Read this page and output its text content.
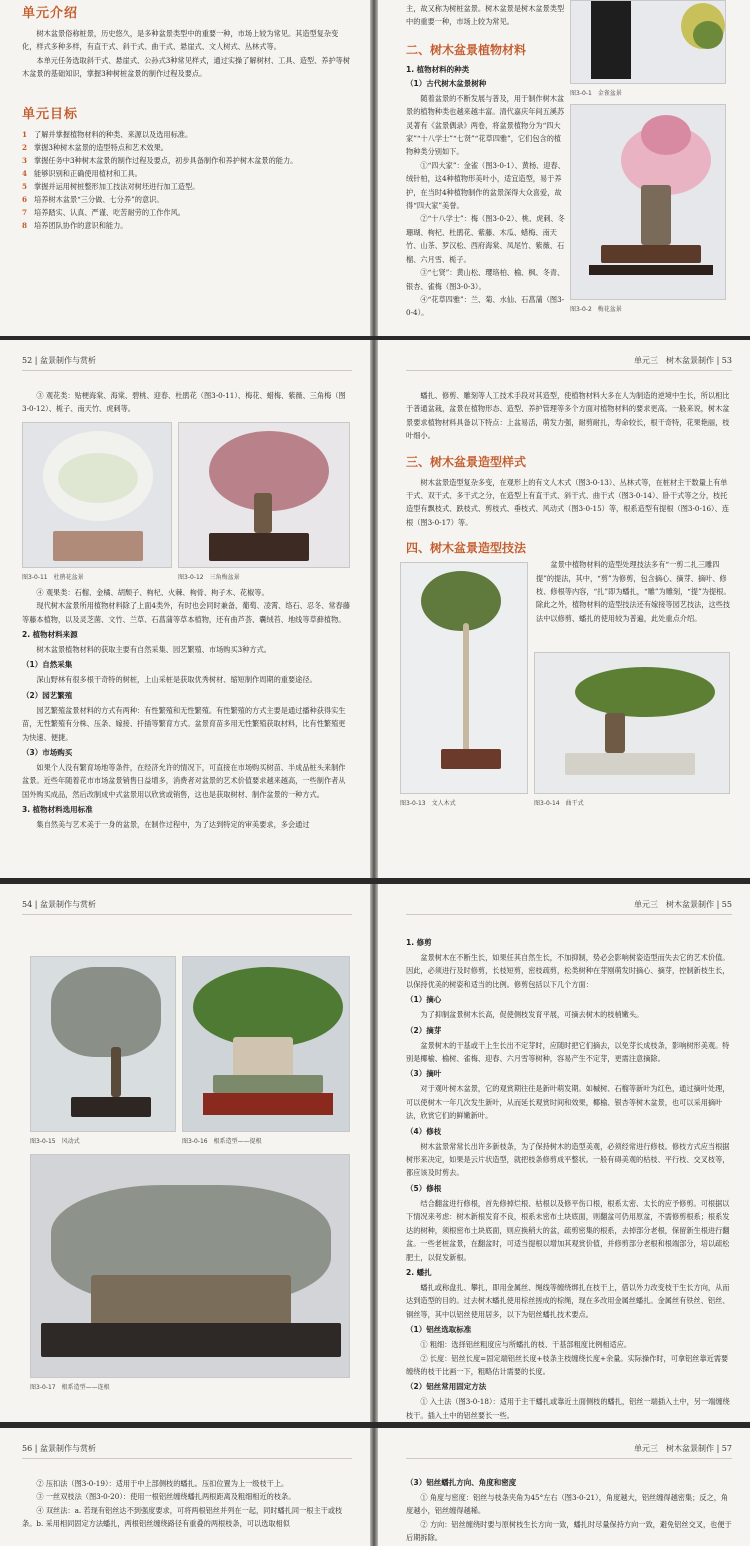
单元介绍

树木盆景俗称桩景，历史悠久，是多种盆景类型中的重要一种，市场上较为常见。其造型复杂变化，样式多种多样，有直干式、斜干式、曲干式、悬崖式、文人树式、丛林式等。

本单元任务选取斜干式、悬崖式、公孙式3种常见样式，通过实操了解树材、工具、造型、养护等树木盆景的基础知识，掌握3种树桩盆景的制作过程及要点。

单元目标
1 了解并掌握植物材料的种类、来源以及选用标准。
2 掌握3种树木盆景的造型特点和艺术效果。
3 掌握任务中3种树木盆景的制作过程及要点，初步具备制作和养护树木盆景的能力。
4 能够识别和正确使用植材和工具。
5 掌握并运用树桩整形加工技法对树坯进行加工造型。
6 培养树木盆景“三分做、七分养”的意识。
7 培养踏实、认真、严谨、吃苦耐劳的工作作风。
8 培养团队协作的意识和能力。

主，故又称为树桩盆景。树木盆景是树木盆景类型中的重要一种，市场上较为常见。

二、树木盆景植物材料
1. 植物材料的种类
（1）古代树木盆景树种

随着盆景的不断发展与普及，用于制作树木盆景的植物种类也越来越丰富。清代嘉庆年间五溪苏灵著有《盆景偶录》两卷，将盆景植物分为“四大家”“十八学士”“七贤”“花草四雅”，它们包含的植物种类分别如下。

①“四大家”：金雀（图3-0-1）、黄杨、迎春、绒针柏，这4种植物形美叶小，适宜造型，易于养护，在当时4种植物制作的盆景深得大众喜爱，故得“四大家”美誉。

②“十八学士”：梅（图3-0-2）、桃、虎刺、冬珊瑚、枸杞、杜鹃花、紫藤、木瓜、蜡梅、南天竹、山茶、罗汉松、西府海棠、凤尾竹、紫薇、石榴、六月雪、栀子。

③“七贤”：黄山松、璎珞柏、榆、枫、冬青、银杏、雀梅（图3-0-3）。

④“花草四雅”：兰、菊、水仙、石菖蒲（图3-0-4）。

图3-0-1　金雀盆景
图3-0-2　梅花盆景
52 | 盆景制作与赏析

③ 观花类：贴梗海棠、海棠、碧桃、迎春、杜鹃花（图3-0-11）、梅花、蜡梅、紫薇、三角梅（图3-0-12）、栀子、南天竹、虎刺等。

图3-0-11　杜鹃花盆景	图3-0-12　三角梅盆景

④ 观果类：石榴、金橘、胡颓子、枸杞、火棘、枸骨、枸子木、花椒等。

现代树木盆景所用植物材料除了上面4类外，有时也会同时兼备，葡萄、凌霄、络石、忍冬、常春藤等藤本植物，以及灵芝菌、文竹、兰草、石菖蒲等草本植物，还有曲芦荟、囊绒苔、地线等草藓植物。

2. 植物材料来源

树木盆景植物材料的获取主要有自然采集、园艺繁殖、市场购买3种方式。

（1）自然采集

深山野林有很多根干奇特的树桩，上山采桩是获取优秀树材、缩短制作周期的重要途径。

（2）园艺繁殖

园艺繁殖盆景材料的方式有两种：有性繁殖和无性繁殖。有性繁殖的方式主要是通过播种获得实生苗，无性繁殖有分株、压条、嫁接、扦插等繁育方式。盆景育苗多用无性繁殖获取材料，比有性繁殖更为快速、便捷。

（3）市场购买

如果个人没有繁育场地等条件，在经济允许的情况下，可直接在市场购买树苗、半成品桩头来制作盆景。近些年随着花市市场盆景销售日益增多，消费者对盆景的艺术价值要求越来越高，一些制作者从国外购买成品，然后改制成中式盆景用以欣赏或销售，这也是获取树材、制作盆景的一种方式。

3. 植物材料选用标准

集自然美与艺术美于一身的盆景，在制作过程中，为了达到特定的审美要求，多会通过

单元三　树木盆景制作 | 53

蟠扎、修剪、雕刻等人工技术手段对其造型，使植物材料大多在人为制造的逆境中生长，所以相比于普通盆栽，盆景在植物形态、造型、养护管理等多个方面对植物材料的要求更高。一般来说，树木盆景要求植物材料具备以下特点：上盆易活，萌发力强，耐剪耐扎，寿命较长，根干奇特，花果艳丽，枝叶细小。

三、树木盆景造型样式

树木盆景造型复杂多变，在观形上的有文人木式（图3-0-13）、丛林式等，在桩材主干数量上有单干式、双干式、多干式之分，在造型上有直干式、斜干式、曲干式（图3-0-14）、卧干式等之分，枝托造型有飘枝式、跌枝式、剪枝式、垂枝式、风动式（图3-0-15）等，根系造型有提根（图3-0-16）、连根（图3-0-17）等。

四、树木盆景造型技法
图3-0-13　文人木式

盆景中植物材料的造型处理技法多有“一剪二扎三雕四提”的提法，其中，“剪”为修剪，包含摘心、摘芽、摘叶、修枝、修根等内容，“扎”即为蟠扎，“雕”为雕刻，“提”为提根。除此之外，植物材料的造型技法还有嫁接等园艺技法，这些技法中以修剪、蟠扎的使用较为普遍，此处重点介绍。

图3-0-14　曲干式
54 | 盆景制作与赏析
图3-0-15　风动式	图3-0-16　根系造型——提根
图3-0-17　根系造型——连根
单元三　树木盆景制作 | 55
1. 修剪

盆景树木在不断生长，如果任其自然生长，不加抑制，势必会影响树姿造型而失去它的艺术价值。因此，必须进行及时修剪，长枝短剪，密枝疏剪，松类树种在芽刚萌发时摘心、摘芽，控制新枝生长，以保持优美的树姿和适当的比例。修剪包括以下几个方面：

（1）摘心

为了抑制盆景树木长高，促使侧枝发育平展，可摘去树木的枝梢嫩头。

（2）摘芽

盆景树木的干基或干上生长出不定芽时，应随时把它们摘去，以免芽长成枝条，影响树形美观。特别是椰榆、榆树、雀梅、迎春、六月雪等树种，容易产生不定芽，更需注意摘除。

（3）摘叶

对于观叶树木盆景，它的观赏期往往是新叶萌发期。如槭树、石榴等新叶为红色，通过摘叶处理，可以使树木一年几次发生新叶，从而延长观赏时间和效果，椰榆、银杏等树木盆景，也可以采用摘叶法，欣赏它们的鲜嫩新叶。

（4）修枝

树木盆景常常长出许多新枝条，为了保持树木的造型美观，必须经常进行修枝。修枝方式应当根据树形来决定，如果是云片状造型，就把枝条修剪成平整状。一般有碍美观的枯枝、平行枝、交叉枝等，都应该及时剪去。

（5）修根

结合翻盆进行修根，首先修掉烂根、枯根以及修平伤口根，根系太密、太长的应予修剪。可根据以下情况来考虑：树木新根发育不良，根系未密布土块底面，则翻盆可仍用原盆，不需修剪根系；根系发达的树种，须根密布土块底面，则应换稍大的盆，疏剪密集的根系，去掉部分老根，保留新生根进行翻盆。一些老桩盆景，在翻盆时，可适当提根以增加其观赏价值，并修剪部分老根和根端部分，培以疏松肥土，以促发新根。

2. 蟠扎

蟠扎或称盘扎、攀扎，即用金属丝、绳线等缠绕绑扎在枝干上，借以外力改变枝干生长方向，从而达到造型的目的。过去树木蟠扎使用棕丝搓成的棕绳，现在多改用金属丝蟠扎。金属丝有铁丝、铝丝、铜丝等，其中以铝丝使用居多，以下为铝丝蟠扎技术要点。

（1）铝丝选取标准

① 粗细：选择铝丝粗度应与所蟠扎的枝、干基部粗度比例相适应。

② 长度：铝丝长度=固定端铝丝长度+枝条主枝缠绕长度+余量。实际操作时，可拿铝丝靠近需要缠绕的枝干比画一下，粗略估计需要的长度。

（2）铝丝常用固定方法

① 入土法（图3-0-18）：适用于主干蟠扎或靠近土面侧枝的蟠扎，铝丝一端插入土中，另一端缠绕枝干。插入土中的铝丝要长一些。

56 | 盆景制作与赏析

② 压扣法（图3-0-19）：适用于中上部侧枝的蟠扎。压扣位置为上一级枝干上。

③ 一丝双枝法（图3-0-20）：使用一根铝丝缠绕蟠扎两根距离及粗细相近的枝条。

④ 双丝法：a. 若现有铝丝达不到强度要求，可将两根铝丝并列在一起，同时蟠扎同一根主干或枝条。b. 采用相同固定方法蟠扎，两根铝丝缠绕路径有重叠的两根枝条，可以选取相似

单元三　树木盆景制作 | 57
（3）铝丝蟠扎方向、角度和密度

① 角度与密度：铝丝与枝条夹角为45°左右（图3-0-21），角度越大，铝丝缠得越密集；反之，角度越小，铝丝缠得越稀。

② 方向：铝丝缠绕时要与原树枝生长方向一致，蟠扎时尽量保持方向一致，避免铝丝交叉，也便于后期拆除。
